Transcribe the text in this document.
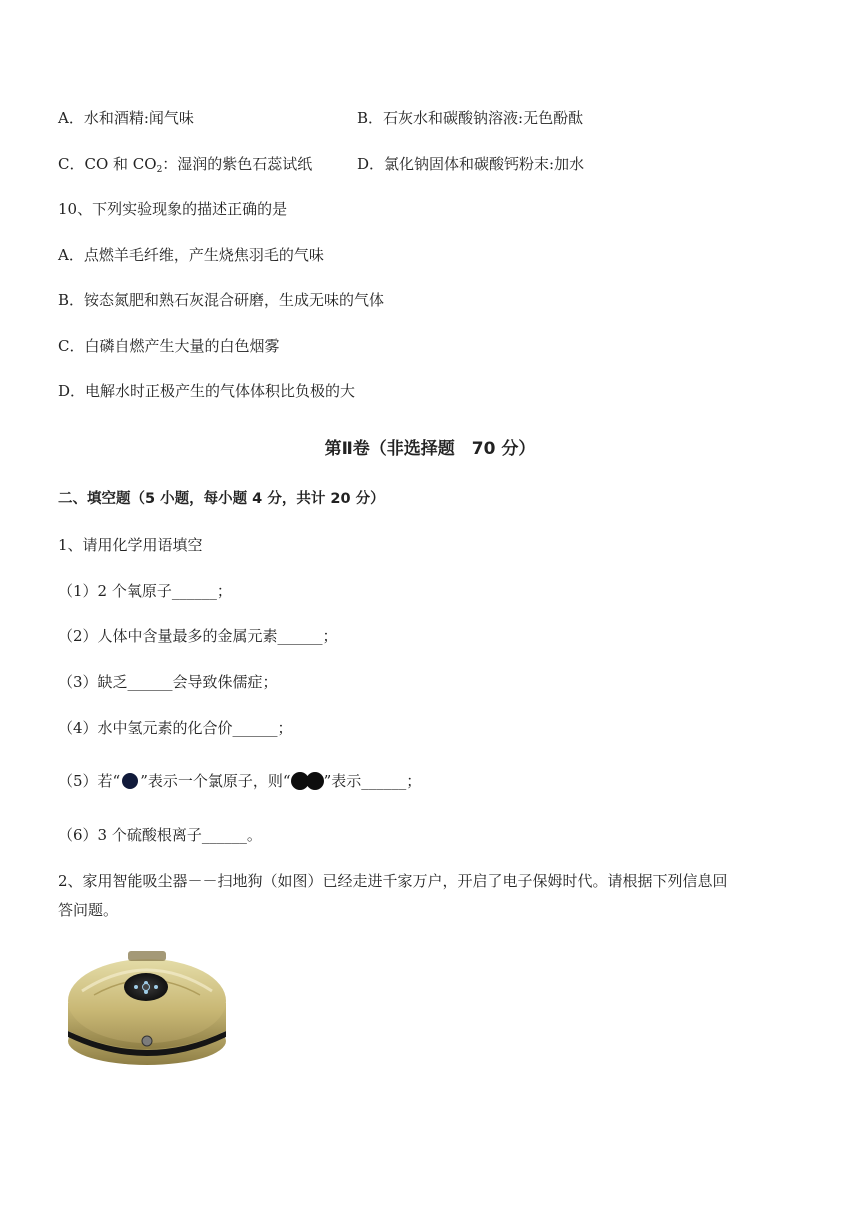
A．水和酒精:闻气味	B．石灰水和碳酸钠溶液:无色酚酞
C．CO 和 $CO_2$：湿润的紫色石蕊试纸	D．氯化钠固体和碳酸钙粉末:加水
10、下列实验现象的描述正确的是
A．点燃羊毛纤维，产生烧焦羽毛的气味
B．铵态氮肥和熟石灰混合研磨，生成无味的气体
C．白磷自燃产生大量的白色烟雾
D．电解水时正极产生的气体体积比负极的大
第Ⅱ卷（非选择题　70 分）
二、填空题（5 小题，每小题 4 分，共计 20 分）
1、请用化学用语填空
（1）2 个氧原子______；
（2）人体中含量最多的金属元素______；
（3）缺乏______会导致侏儒症；
（4）水中氢元素的化合价______；
（5）若“ ”表示一个氯原子，则“ ”表示______；
（6）3 个硫酸根离子______。
2、家用智能吸尘器－－扫地狗（如图）已经走进千家万户，开启了电子保姆时代。请根据下列信息回
答问题。
